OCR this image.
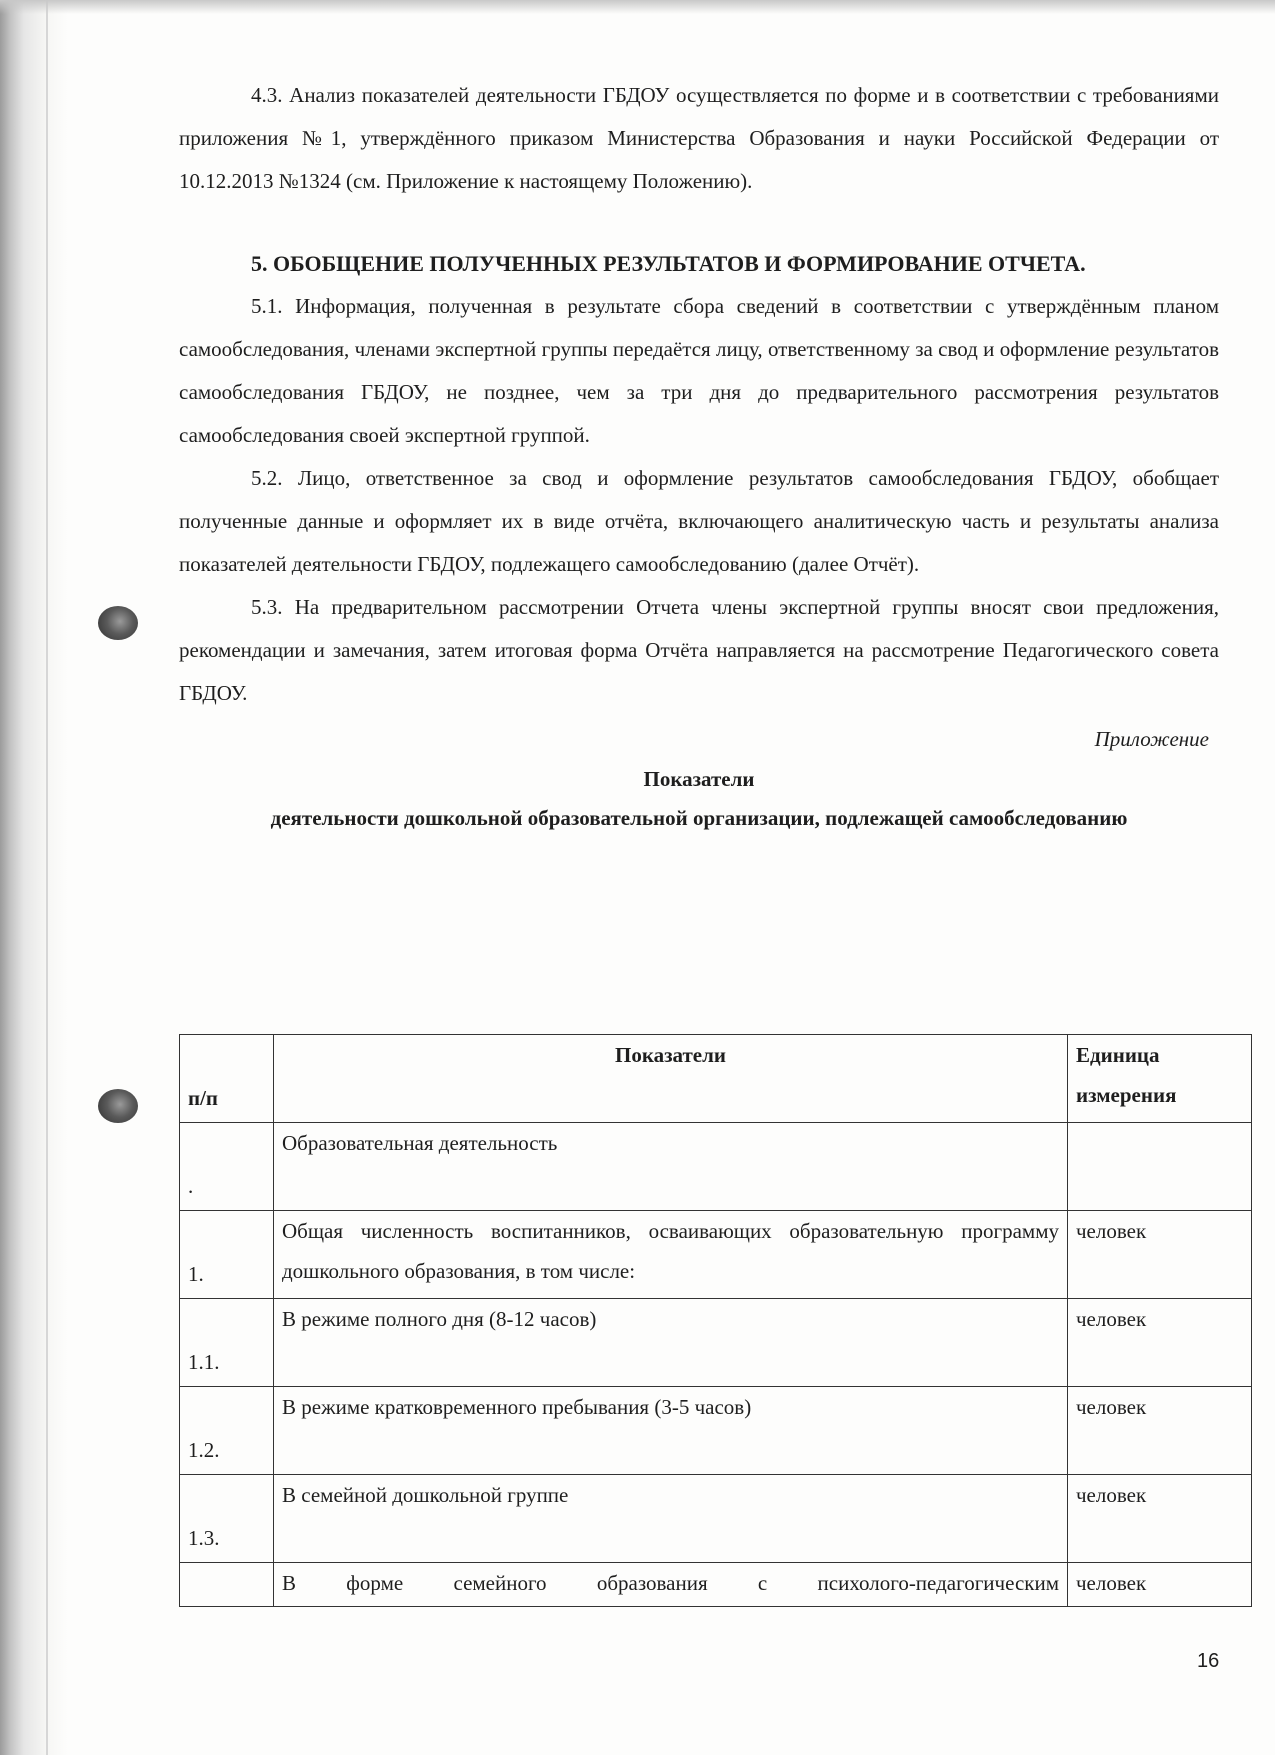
4.3. Анализ показателей деятельности ГБДОУ осуществляется по форме и в соответствии с требованиями приложения №1, утверждённого приказом Министерства Образования и науки Российской Федерации от 10.12.2013 №1324 (см. Приложение к настоящему Положению).

5. ОБОБЩЕНИЕ ПОЛУЧЕННЫХ РЕЗУЛЬТАТОВ И ФОРМИРОВАНИЕ ОТЧЕТА.

5.1. Информация, полученная в результате сбора сведений в соответствии с утверждённым планом самообследования, членами экспертной группы передаётся лицу, ответственному за свод и оформление результатов самообследования ГБДОУ, не позднее, чем за три дня до предварительного рассмотрения результатов самообследования своей экспертной группой.

5.2. Лицо, ответственное за свод и оформление результатов самообследования ГБДОУ, обобщает полученные данные и оформляет их в виде отчёта, включающего аналитическую часть и результаты анализа показателей деятельности ГБДОУ, подлежащего самообследованию (далее Отчёт).

5.3. На предварительном рассмотрении Отчета члены экспертной группы вносят свои предложения, рекомендации и замечания, затем итоговая форма Отчёта направляется на рассмотрение Педагогического совета ГБДОУ.

Приложение
Показатели
деятельности дошкольной образовательной организации, подлежащей самообследованию
п/п	Показатели	Единица измерения
.	Образовательная деятельность	
1.	Общая численность воспитанников, осваивающих образовательную программу дошкольного образования, в том числе:	человек
1.1.	В режиме полного дня (8-12 часов)	человек
1.2.	В режиме кратковременного пребывания (3-5 часов)	человек
1.3.	В семейной дошкольной группе	человек
	В форме семейного образования с психолого-педагогическим	человек
16
